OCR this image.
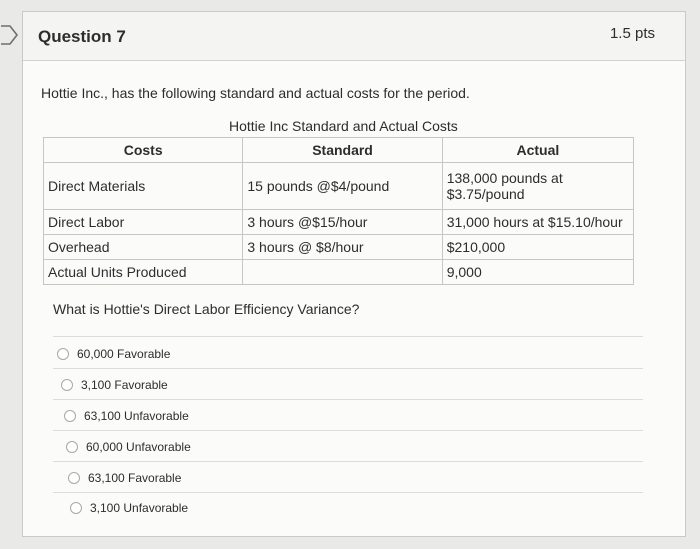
Question 7	1.5 pts
Hottie Inc., has the following standard and actual costs for the period.
Hottie Inc Standard and Actual Costs
Costs	Standard	Actual
Direct Materials	15 pounds @$4/pound	138,000 pounds at
$3.75/pound

Direct Labor	3 hours @$15/hour	31,000 hours at $15.10/hour
Overhead	3 hours @ $8/hour	$210,000
Actual Units Produced		9,000
What is Hottie's Direct Labor Efficiency Variance?
60,000 Favorable
3,100 Favorable
63,100 Unfavorable
60,000 Unfavorable
63,100 Favorable
3,100 Unfavorable
